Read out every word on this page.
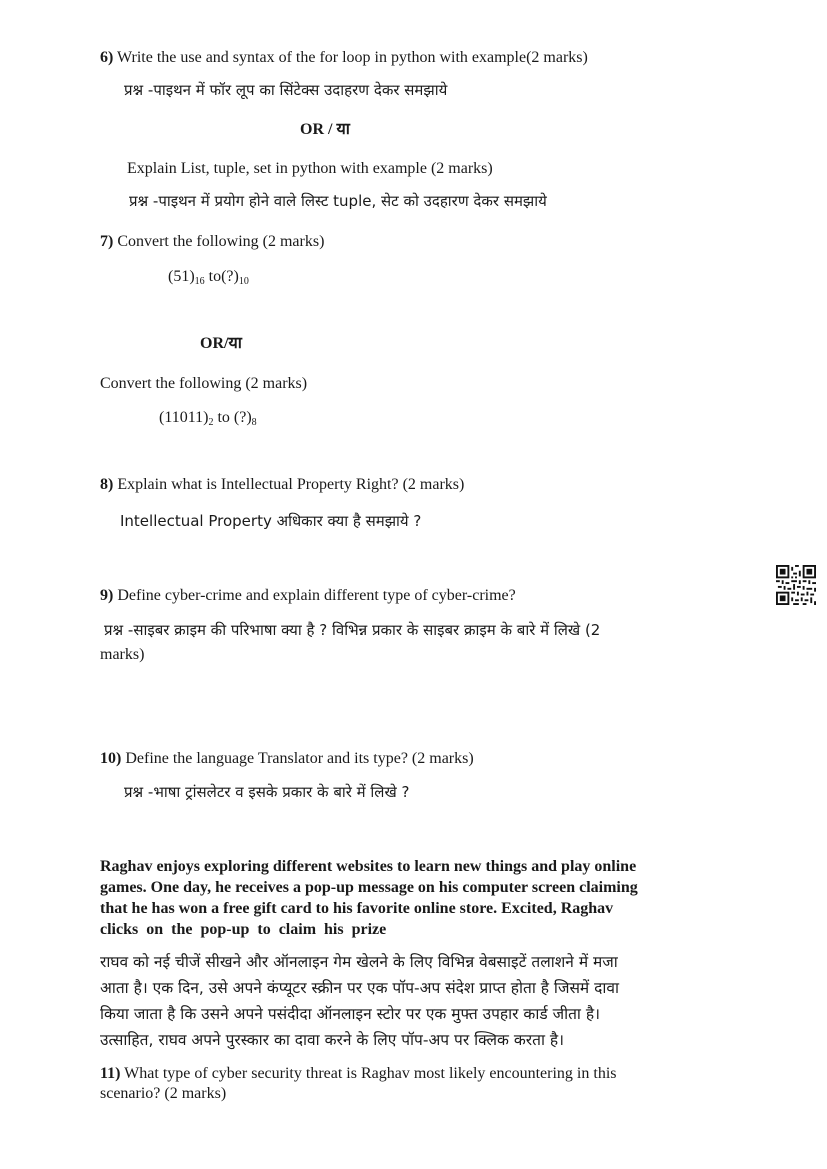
6) Write the use and syntax of the for loop in python with example(2 marks)
प्रश्न -पाइथन में फॉर लूप का सिंटेक्स उदाहरण देकर समझाये
OR / या
Explain List, tuple, set in python with example (2 marks)
प्रश्न -पाइथन में प्रयोग होने वाले लिस्ट tuple, सेट को उदहारण देकर समझाये
7) Convert the following (2 marks)
$(51)_{16}$ $to(?)_{10}$
OR/या
Convert the following (2 marks)
$(11011)_2$ to $(?)_8$
8) Explain what is Intellectual Property Right? (2 marks)
Intellectual Property अधिकार क्या है समझाये ?
9) Define cyber-crime and explain different type of cyber-crime?
प्रश्न -साइबर क्राइम की परिभाषा क्या है ? विभिन्न प्रकार के साइबर क्राइम के बारे में लिखे (2
marks)
10) Define the language Translator and its type? (2 marks)
प्रश्न -भाषा ट्रांसलेटर व इसके प्रकार के बारे में लिखे ?
Raghav enjoys exploring different websites to learn new things and play online
games. One day, he receives a pop-up message on his computer screen claiming
that he has won a free gift card to his favorite online store. Excited, Raghav
clicks on the pop-up to claim his prize
राघव को नई चीजें सीखने और ऑनलाइन गेम खेलने के लिए विभिन्न वेबसाइटें तलाशने में मजा
आता है। एक दिन, उसे अपने कंप्यूटर स्क्रीन पर एक पॉप-अप संदेश प्राप्त होता है जिसमें दावा
किया जाता है कि उसने अपने पसंदीदा ऑनलाइन स्टोर पर एक मुफ्त उपहार कार्ड जीता है।
उत्साहित, राघव अपने पुरस्कार का दावा करने के लिए पॉप-अप पर क्लिक करता है।
11) What type of cyber security threat is Raghav most likely encountering in this
scenario? (2 marks)
